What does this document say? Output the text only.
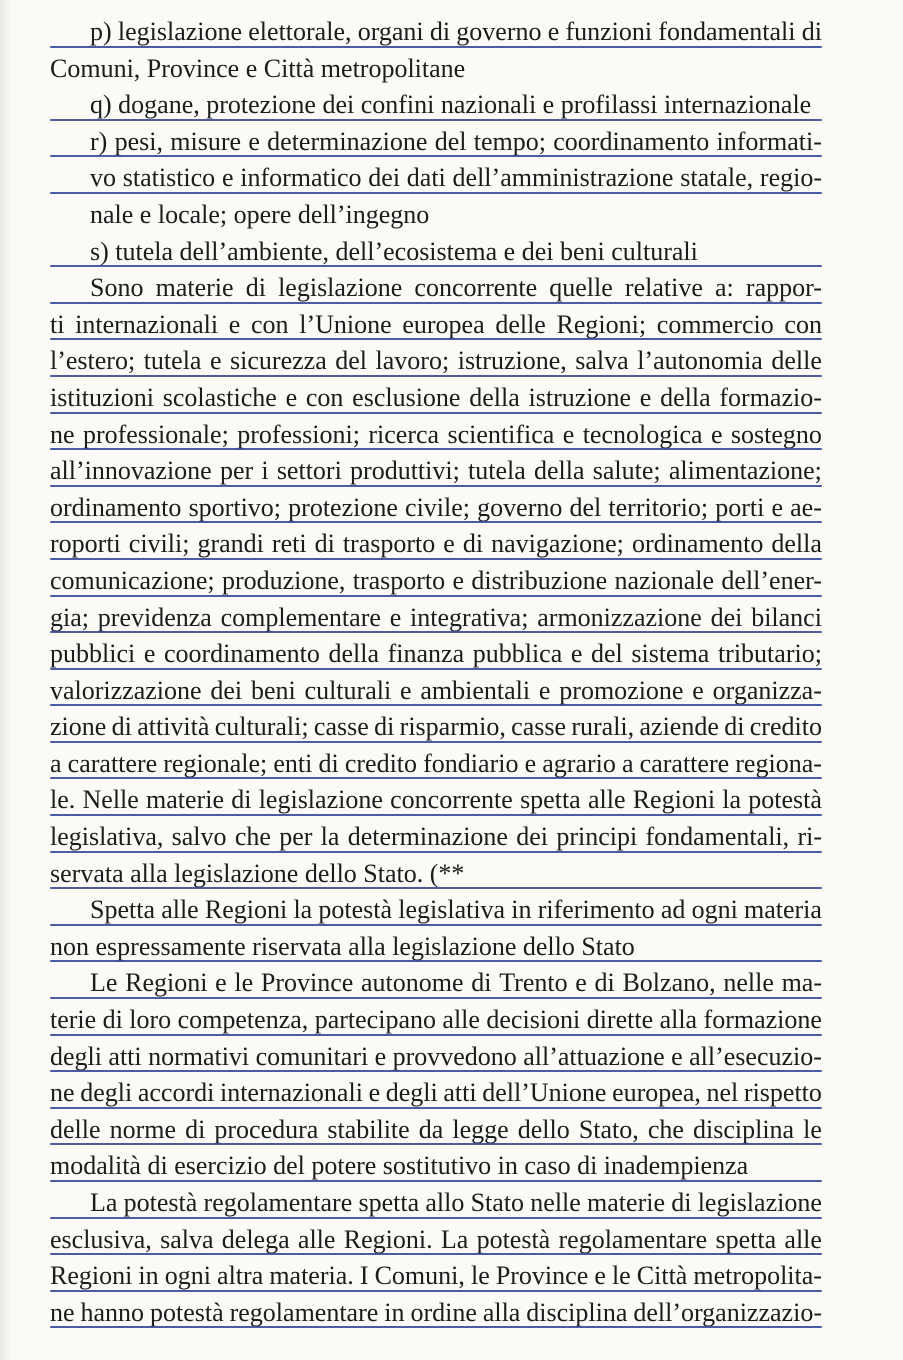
p) legislazione elettorale, organi di governo e funzioni fondamentali di
Comuni, Province e Città metropolitane
q) dogane, protezione dei confini nazionali e profilassi internazionale
r) pesi, misure e determinazione del tempo; coordinamento informati-
vo statistico e informatico dei dati dell’amministrazione statale, regio-
nale e locale; opere dell’ingegno
s) tutela dell’ambiente, dell’ecosistema e dei beni culturali
Sono materie di legislazione concorrente quelle relative a: rappor-
ti internazionali e con l’Unione europea delle Regioni; commercio con
l’estero; tutela e sicurezza del lavoro; istruzione, salva l’autonomia delle
istituzioni scolastiche e con esclusione della istruzione e della formazio-
ne professionale; professioni; ricerca scientifica e tecnologica e sostegno
all’innovazione per i settori produttivi; tutela della salute; alimentazione;
ordinamento sportivo; protezione civile; governo del territorio; porti e ae-
roporti civili; grandi reti di trasporto e di navigazione; ordinamento della
comunicazione; produzione, trasporto e distribuzione nazionale dell’ener-
gia; previdenza complementare e integrativa; armonizzazione dei bilanci
pubblici e coordinamento della finanza pubblica e del sistema tributario;
valorizzazione dei beni culturali e ambientali e promozione e organizza-
zione di attività culturali; casse di risparmio, casse rurali, aziende di credito
a carattere regionale; enti di credito fondiario e agrario a carattere regiona-
le. Nelle materie di legislazione concorrente spetta alle Regioni la potestà
legislativa, salvo che per la determinazione dei principi fondamentali, ri-
servata alla legislazione dello Stato. (**
Spetta alle Regioni la potestà legislativa in riferimento ad ogni materia
non espressamente riservata alla legislazione dello Stato
Le Regioni e le Province autonome di Trento e di Bolzano, nelle ma-
terie di loro competenza, partecipano alle decisioni dirette alla formazione
degli atti normativi comunitari e provvedono all’attuazione e all’esecuzio-
ne degli accordi internazionali e degli atti dell’Unione europea, nel rispetto
delle norme di procedura stabilite da legge dello Stato, che disciplina le
modalità di esercizio del potere sostitutivo in caso di inadempienza
La potestà regolamentare spetta allo Stato nelle materie di legislazione
esclusiva, salva delega alle Regioni. La potestà regolamentare spetta alle
Regioni in ogni altra materia. I Comuni, le Province e le Città metropolita-
ne hanno potestà regolamentare in ordine alla disciplina dell’organizzazio-
